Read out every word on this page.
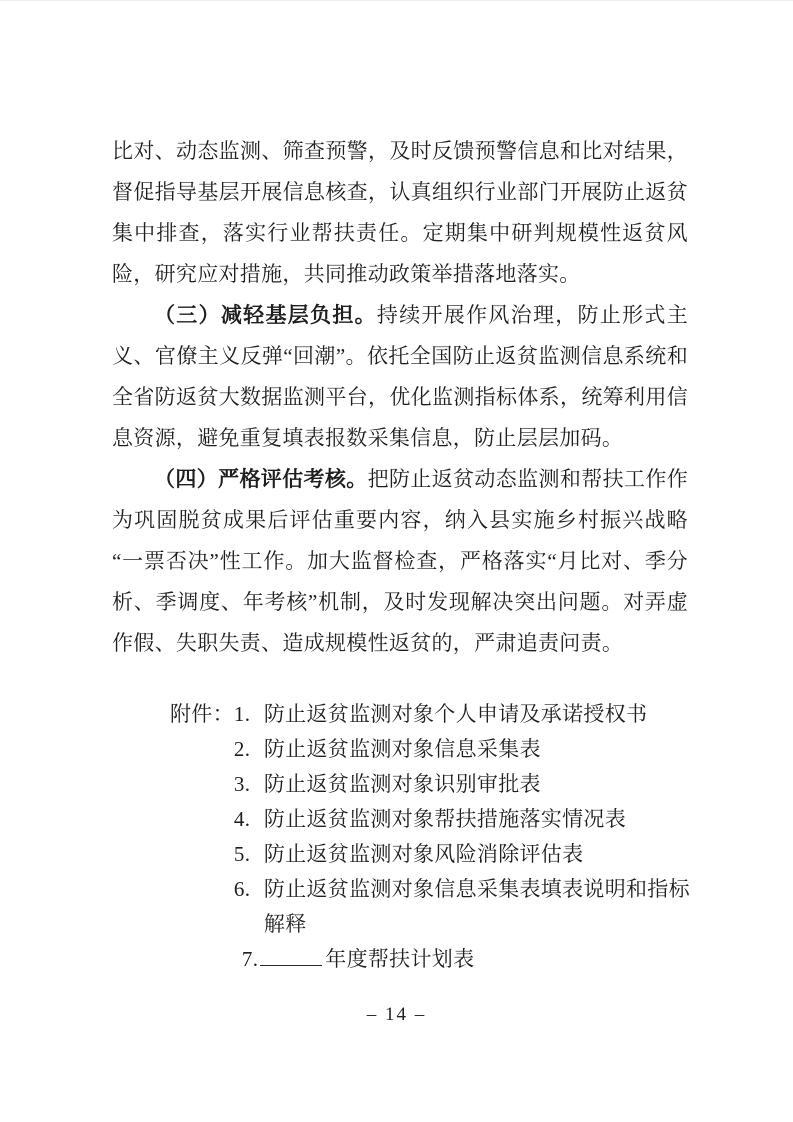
比对、动态监测、筛查预警，及时反馈预警信息和比对结果，督促指导基层开展信息核查，认真组织行业部门开展防止返贫集中排查，落实行业帮扶责任。定期集中研判规模性返贫风险，研究应对措施，共同推动政策举措落地落实。

（三）减轻基层负担。持续开展作风治理，防止形式主义、官僚主义反弹“回潮”。依托全国防止返贫监测信息系统和全省防返贫大数据监测平台，优化监测指标体系，统筹利用信息资源，避免重复填表报数采集信息，防止层层加码。

（四）严格评估考核。把防止返贫动态监测和帮扶工作作为巩固脱贫成果后评估重要内容，纳入县实施乡村振兴战略“一票否决”性工作。加大监督检查，严格落实“月比对、季分析、季调度、年考核”机制，及时发现解决突出问题。对弄虚作假、失职失责、造成规模性返贫的，严肃追责问责。

附件： 1. 防止返贫监测对象个人申请及承诺授权书
2. 防止返贫监测对象信息采集表
3. 防止返贫监测对象识别审批表
4. 防止返贫监测对象帮扶措施落实情况表
5. 防止返贫监测对象风险消除评估表
6. 防止返贫监测对象信息采集表填表说明和指标解释
7.	年度帮扶计划表
– 14 –
